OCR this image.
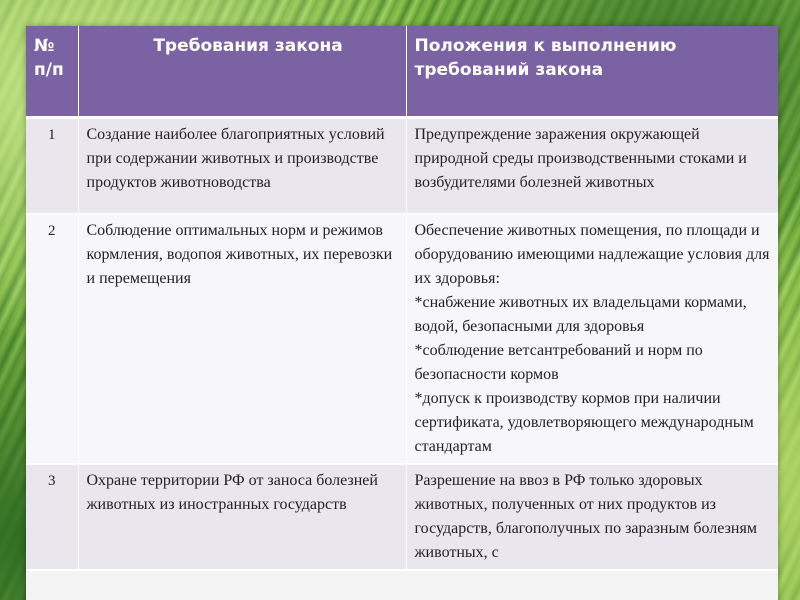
№ п/п	Требования закона	Положения к выполнению требований закона
1	Создание наиболее благоприятных условий при содержании животных и производстве продуктов животноводства	Предупреждение заражения окружающей природной среды производственными стоками и возбудителями болезней животных

2	Соблюдение оптимальных норм и режимов кормления, водопоя животных, их перевозки и перемещения	Обеспечение животных помещения, по площади и оборудованию имеющими надлежащие условия для их здоровья:
*снабжение животных их владельцами кормами, водой, безопасными для здоровья
*соблюдение ветсантребований и норм по безопасности кормов
*допуск к производству кормов при наличии сертификата, удовлетворяющего международным стандартам

3	Охране территории РФ от заноса болезней животных из иностранных государств	Разрешение на ввоз в РФ только здоровых животных, полученных от них продуктов из государств, благополучных по заразным болезням животных, с
